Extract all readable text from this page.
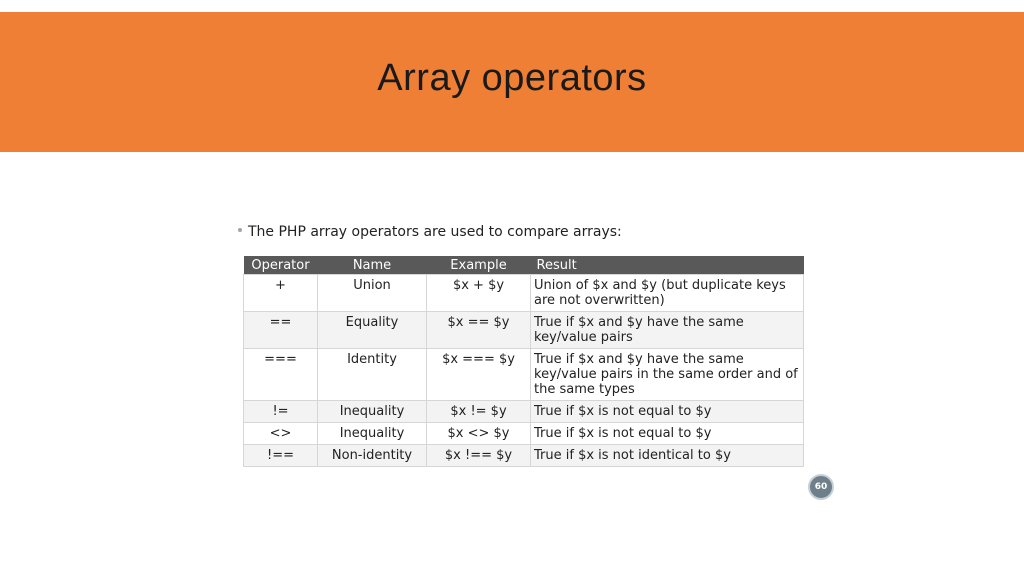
Array operators
The PHP array operators are used to compare arrays:
Operator	Name	Example	Result
+	Union	$x + $y	Union of $x and $y (but duplicate keys are not overwritten)
==	Equality	$x == $y	True if $x and $y have the same key/value pairs
===	Identity	$x === $y	True if $x and $y have the same key/value pairs in the same order and of the same types
!=	Inequality	$x != $y	True if $x is not equal to $y
<>	Inequality	$x <> $y	True if $x is not equal to $y
!==	Non-identity	$x !== $y	True if $x is not identical to $y
60
